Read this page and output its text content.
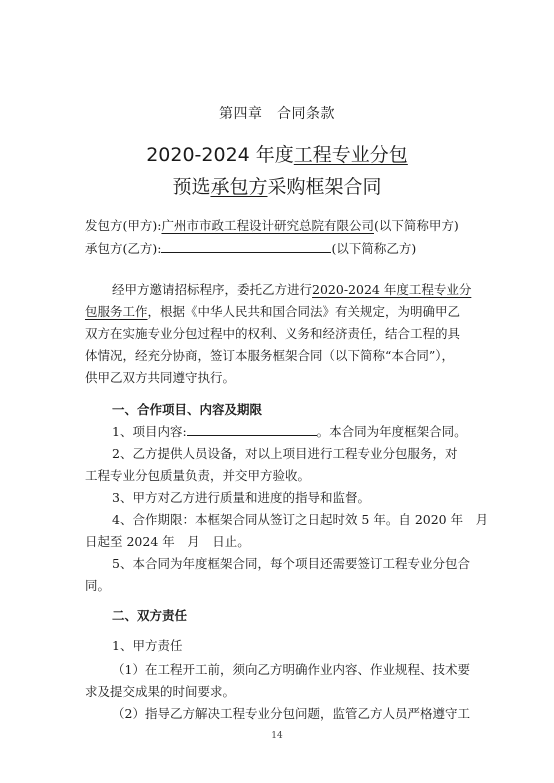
第四章　合同条款
2020-2024 年度工程专业分包
预选承包方采购框架合同
发包方(甲方):广州市市政工程设计研究总院有限公司(以下简称甲方)
承包方(乙方):	(以下简称乙方)
经甲方邀请招标程序，委托乙方进行2020-2024 年度工程专业分
包服务工作，根据《中华人民共和国合同法》有关规定，为明确甲乙
双方在实施专业分包过程中的权利、义务和经济责任，结合工程的具
体情况，经充分协商，签订本服务框架合同（以下简称“本合同”），
供甲乙双方共同遵守执行。
一、合作项目、内容及期限
1、项目内容:	。本合同为年度框架合同。
2、乙方提供人员设备，对以上项目进行工程专业分包服务，对
工程专业分包质量负责，并交甲方验收。
3、甲方对乙方进行质量和进度的指导和监督。
4、合作期限：本框架合同从签订之日起时效 5 年。自 2020 年　月
日起至 2024 年　月　日止。
5、本合同为年度框架合同，每个项目还需要签订工程专业分包合
同。
二、双方责任
1、甲方责任
（1）在工程开工前，须向乙方明确作业内容、作业规程、技术要
求及提交成果的时间要求。
（2）指导乙方解决工程专业分包问题，监管乙方人员严格遵守工
14
